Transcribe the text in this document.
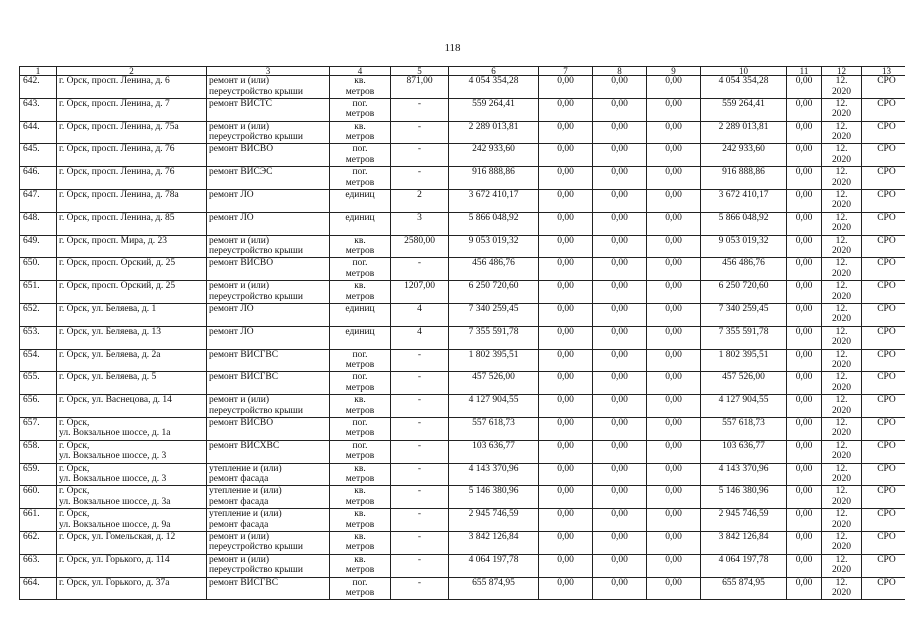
118
1	2	3	4	5	6	7	8	9	10	11	12	13
642.	г. Орск, просп. Ленина, д. 6	ремонт и (или)
переустройство крыши	кв.
метров	871,00	4 054 354,28	0,00	0,00	0,00	4 054 354,28	0,00	12.
2020	СРО
643.	г. Орск, просп. Ленина, д. 7	ремонт ВИСТС	пог.
метров	-	559 264,41	0,00	0,00	0,00	559 264,41	0,00	12.
2020	СРО
644.	г. Орск, просп. Ленина, д. 75а	ремонт и (или)
переустройство крыши	кв.
метров	-	2 289 013,81	0,00	0,00	0,00	2 289 013,81	0,00	12.
2020	СРО
645.	г. Орск, просп. Ленина, д. 76	ремонт ВИСВО	пог.
метров	-	242 933,60	0,00	0,00	0,00	242 933,60	0,00	12.
2020	СРО
646.	г. Орск, просп. Ленина, д. 76	ремонт ВИСЭС	пог.
метров	-	916 888,86	0,00	0,00	0,00	916 888,86	0,00	12.
2020	СРО
647.	г. Орск, просп. Ленина, д. 78а	ремонт ЛО	единиц	2	3 672 410,17	0,00	0,00	0,00	3 672 410,17	0,00	12.
2020	СРО
648.	г. Орск, просп. Ленина, д. 85	ремонт ЛО	единиц	3	5 866 048,92	0,00	0,00	0,00	5 866 048,92	0,00	12.
2020	СРО
649.	г. Орск, просп. Мира, д. 23	ремонт и (или)
переустройство крыши	кв.
метров	2580,00	9 053 019,32	0,00	0,00	0,00	9 053 019,32	0,00	12.
2020	СРО
650.	г. Орск, просп. Орский, д. 25	ремонт ВИСВО	пог.
метров	-	456 486,76	0,00	0,00	0,00	456 486,76	0,00	12.
2020	СРО
651.	г. Орск, просп. Орский, д. 25	ремонт и (или)
переустройство крыши	кв.
метров	1207,00	6 250 720,60	0,00	0,00	0,00	6 250 720,60	0,00	12.
2020	СРО
652.	г. Орск, ул. Беляева, д. 1	ремонт ЛО	единиц	4	7 340 259,45	0,00	0,00	0,00	7 340 259,45	0,00	12.
2020	СРО
653.	г. Орск, ул. Беляева, д. 13	ремонт ЛО	единиц	4	7 355 591,78	0,00	0,00	0,00	7 355 591,78	0,00	12.
2020	СРО
654.	г. Орск, ул. Беляева, д. 2а	ремонт ВИСГВС	пог.
метров	-	1 802 395,51	0,00	0,00	0,00	1 802 395,51	0,00	12.
2020	СРО
655.	г. Орск, ул. Беляева, д. 5	ремонт ВИСГВС	пог.
метров	-	457 526,00	0,00	0,00	0,00	457 526,00	0,00	12.
2020	СРО
656.	г. Орск, ул. Васнецова, д. 14	ремонт и (или)
переустройство крыши	кв.
метров	-	4 127 904,55	0,00	0,00	0,00	4 127 904,55	0,00	12.
2020	СРО
657.	г. Орск,
ул. Вокзальное шоссе, д. 1а	ремонт ВИСВО	пог.
метров	-	557 618,73	0,00	0,00	0,00	557 618,73	0,00	12.
2020	СРО
658.	г. Орск,
ул. Вокзальное шоссе, д. 3	ремонт ВИСХВС	пог.
метров	-	103 636,77	0,00	0,00	0,00	103 636,77	0,00	12.
2020	СРО
659.	г. Орск,
ул. Вокзальное шоссе, д. 3	утепление и (или)
ремонт фасада	кв.
метров	-	4 143 370,96	0,00	0,00	0,00	4 143 370,96	0,00	12.
2020	СРО
660.	г. Орск,
ул. Вокзальное шоссе, д. 3а	утепление и (или)
ремонт фасада	кв.
метров	-	5 146 380,96	0,00	0,00	0,00	5 146 380,96	0,00	12.
2020	СРО
661.	г. Орск,
ул. Вокзальное шоссе, д. 9а	утепление и (или)
ремонт фасада	кв.
метров	-	2 945 746,59	0,00	0,00	0,00	2 945 746,59	0,00	12.
2020	СРО
662.	г. Орск, ул. Гомельская, д. 12	ремонт и (или)
переустройство крыши	кв.
метров	-	3 842 126,84	0,00	0,00	0,00	3 842 126,84	0,00	12.
2020	СРО
663.	г. Орск, ул. Горького, д. 114	ремонт и (или)
переустройство крыши	кв.
метров	-	4 064 197,78	0,00	0,00	0,00	4 064 197,78	0,00	12.
2020	СРО
664.	г. Орск, ул. Горького, д. 37а	ремонт ВИСГВС	пог.
метров	-	655 874,95	0,00	0,00	0,00	655 874,95	0,00	12.
2020	СРО
